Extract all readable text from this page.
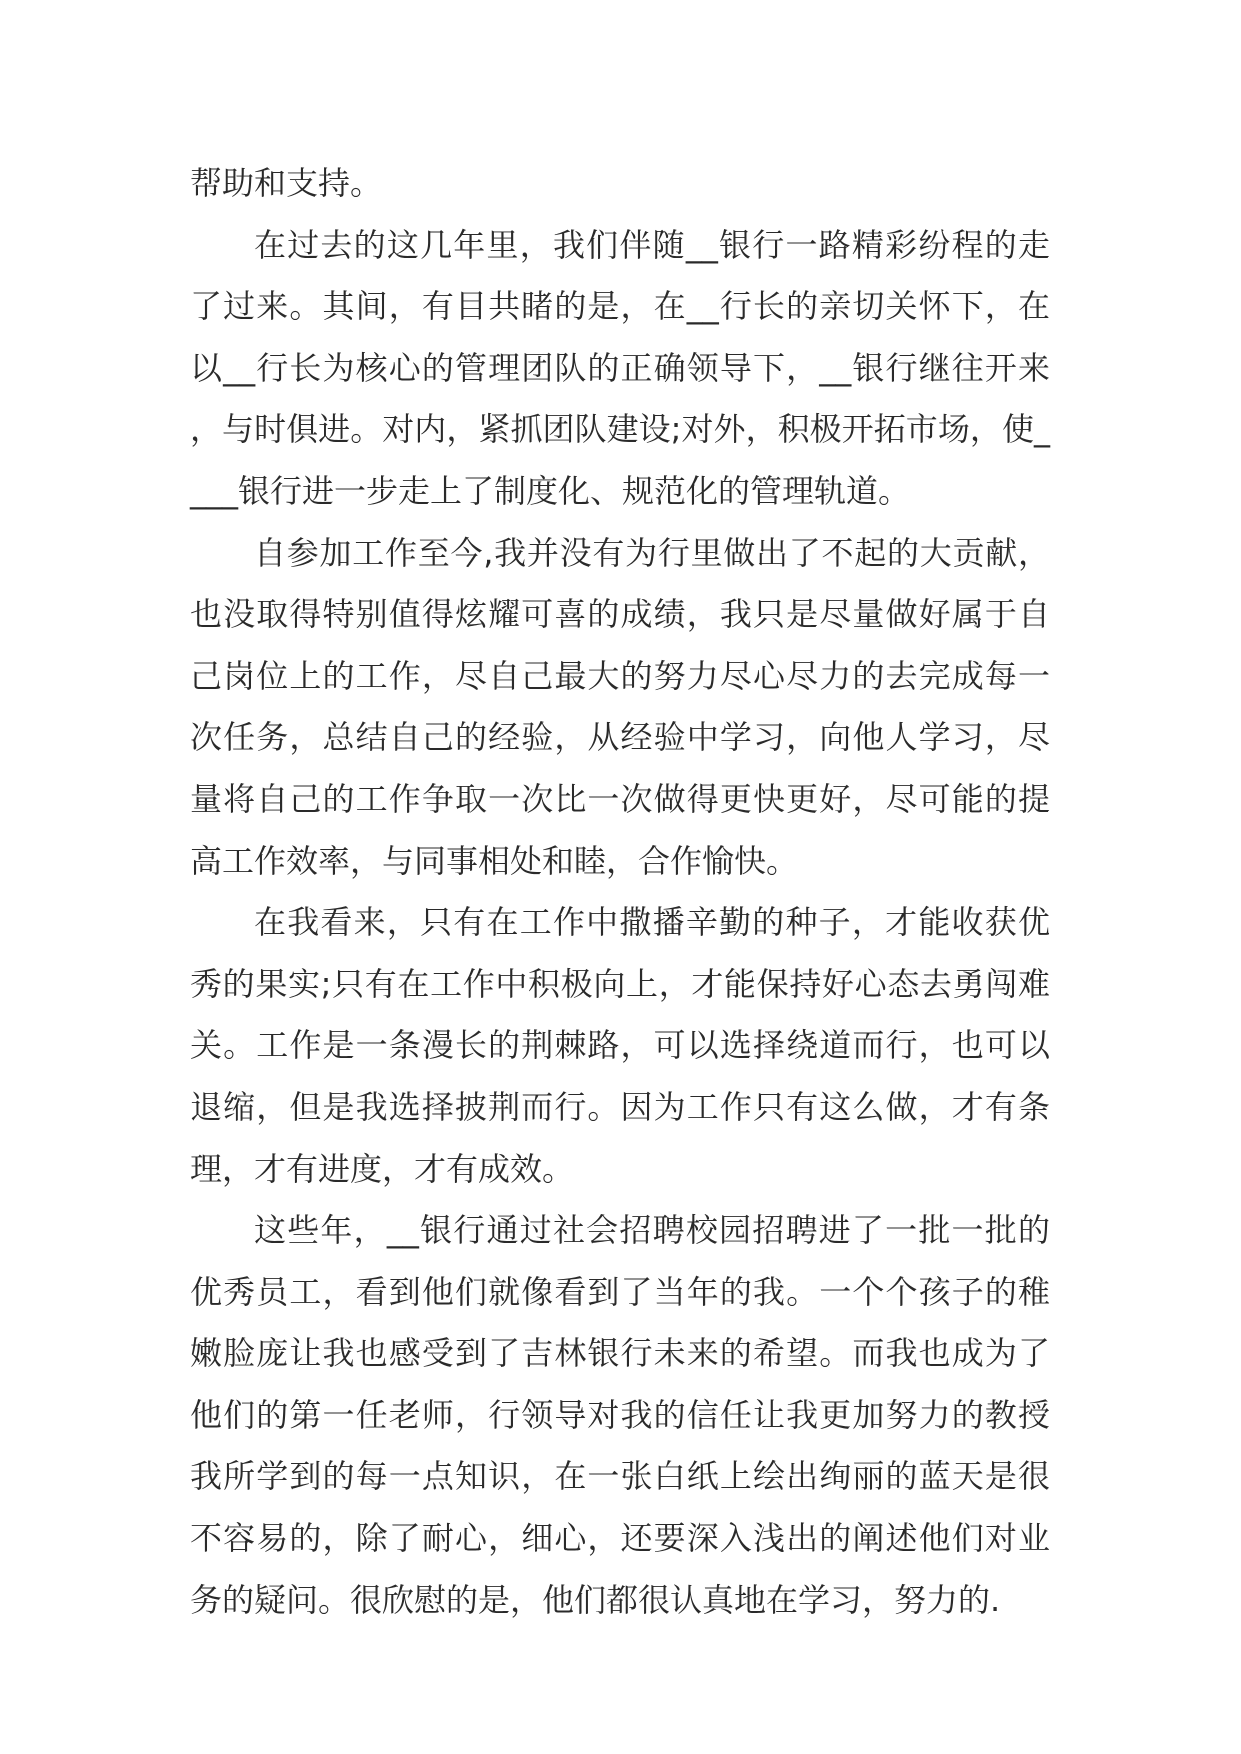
帮助和支持。

在过去的这几年里，我们伴随__银行一路精彩纷程的走了过来。其间，有目共睹的是，在__行长的亲切关怀下，在以__行长为核心的管理团队的正确领导下，__银行继往开来，与时俱进。对内，紧抓团队建设;对外，积极开拓市场，使____银行进一步走上了制度化、规范化的管理轨道。

自参加工作至今,我并没有为行里做出了不起的大贡献，也没取得特别值得炫耀可喜的成绩，我只是尽量做好属于自己岗位上的工作，尽自己最大的努力尽心尽力的去完成每一次任务，总结自己的经验，从经验中学习，向他人学习，尽量将自己的工作争取一次比一次做得更快更好，尽可能的提高工作效率，与同事相处和睦，合作愉快。

在我看来，只有在工作中撒播辛勤的种子，才能收获优秀的果实;只有在工作中积极向上，才能保持好心态去勇闯难关。工作是一条漫长的荆棘路，可以选择绕道而行，也可以退缩，但是我选择披荆而行。因为工作只有这么做，才有条理，才有进度，才有成效。

这些年，__银行通过社会招聘校园招聘进了一批一批的优秀员工，看到他们就像看到了当年的我。一个个孩子的稚嫩脸庞让我也感受到了吉林银行未来的希望。而我也成为了他们的第一任老师，行领导对我的信任让我更加努力的教授我所学到的每一点知识，在一张白纸上绘出绚丽的蓝天是很不容易的，除了耐心，细心，还要深入浅出的阐述他们对业务的疑问。很欣慰的是，他们都很认真地在学习，努力的.
